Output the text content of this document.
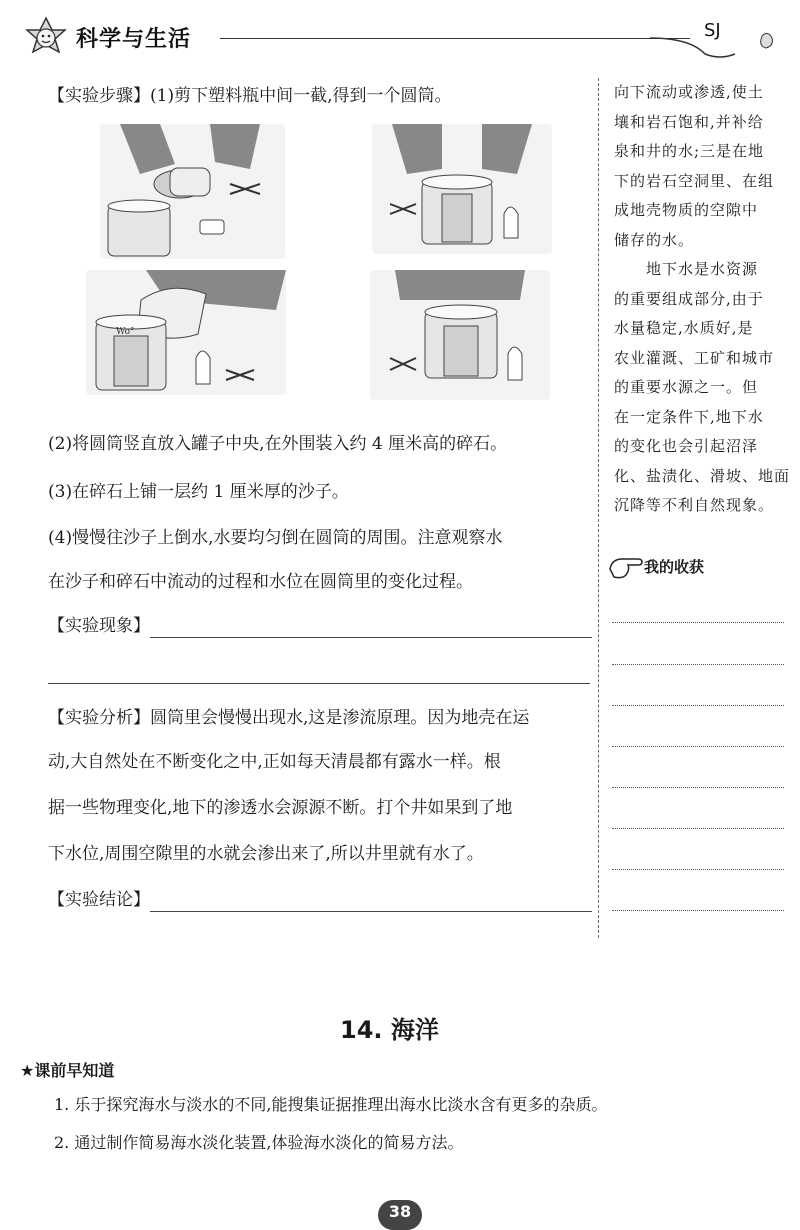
科学与生活	SJ
【实验步骤】(1)剪下塑料瓶中间一截,得到一个圆筒。
Wo°
(2)将圆筒竖直放入罐子中央,在外围装入约 4 厘米高的碎石。
(3)在碎石上铺一层约 1 厘米厚的沙子。
(4)慢慢往沙子上倒水,水要均匀倒在圆筒的周围。注意观察水
在沙子和碎石中流动的过程和水位在圆筒里的变化过程。
【实验现象】
【实验分析】圆筒里会慢慢出现水,这是渗流原理。因为地壳在运
动,大自然处在不断变化之中,正如每天清晨都有露水一样。根
据一些物理变化,地下的渗透水会源源不断。打个井如果到了地
下水位,周围空隙里的水就会渗出来了,所以井里就有水了。
【实验结论】
向下流动或渗透,使土
壤和岩石饱和,并补给
泉和井的水;三是在地
下的岩石空洞里、在组
成地壳物质的空隙中
储存的水。
　　地下水是水资源
的重要组成部分,由于
水量稳定,水质好,是
农业灌溉、工矿和城市
的重要水源之一。但
在一定条件下,地下水
的变化也会引起沼泽
化、盐渍化、滑坡、地面
沉降等不利自然现象。
我的收获
14. 海洋
★课前早知道
1. 乐于探究海水与淡水的不同,能搜集证据推理出海水比淡水含有更多的杂质。
2. 通过制作简易海水淡化装置,体验海水淡化的简易方法。
38
